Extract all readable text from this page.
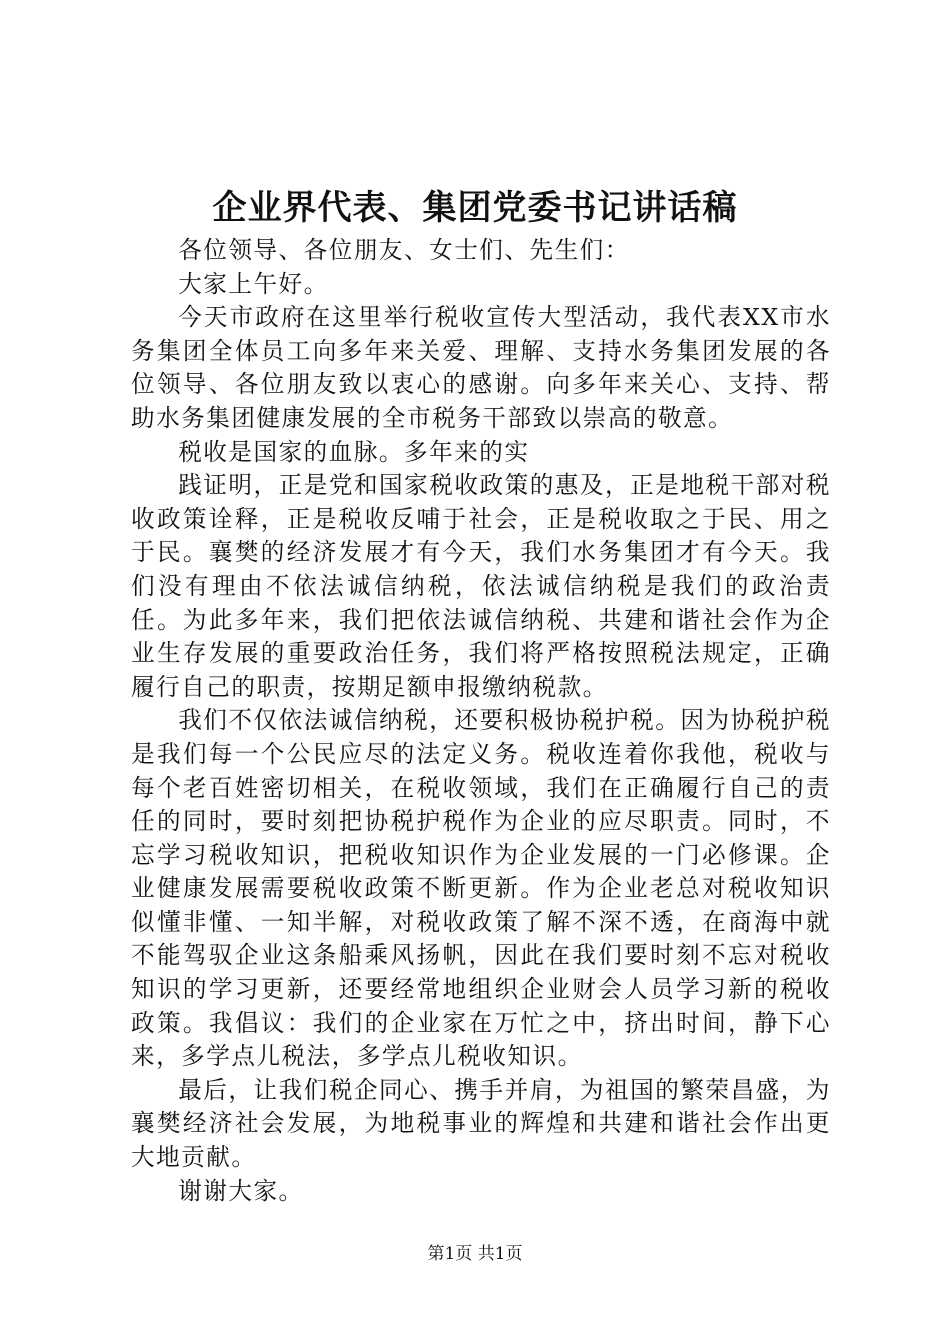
企业界代表、集团党委书记讲话稿

各位领导、各位朋友、女士们、先生们：

大家上午好。

今天市政府在这里举行税收宣传大型活动，我代表XX市水务集团全体员工向多年来关爱、理解、支持水务集团发展的各位领导、各位朋友致以衷心的感谢。向多年来关心、支持、帮助水务集团健康发展的全市税务干部致以崇高的敬意。

税收是国家的血脉。多年来的实

践证明，正是党和国家税收政策的惠及，正是地税干部对税收政策诠释，正是税收反哺于社会，正是税收取之于民、用之于民。襄樊的经济发展才有今天，我们水务集团才有今天。我们没有理由不依法诚信纳税，依法诚信纳税是我们的政治责任。为此多年来，我们把依法诚信纳税、共建和谐社会作为企业生存发展的重要政治任务，我们将严格按照税法规定，正确履行自己的职责，按期足额申报缴纳税款。

我们不仅依法诚信纳税，还要积极协税护税。因为协税护税是我们每一个公民应尽的法定义务。税收连着你我他，税收与每个老百姓密切相关，在税收领域，我们在正确履行自己的责任的同时，要时刻把协税护税作为企业的应尽职责。同时，不忘学习税收知识，把税收知识作为企业发展的一门必修课。企业健康发展需要税收政策不断更新。作为企业老总对税收知识似懂非懂、一知半解，对税收政策了解不深不透，在商海中就不能驾驭企业这条船乘风扬帆，因此在我们要时刻不忘对税收知识的学习更新，还要经常地组织企业财会人员学习新的税收政策。我倡议：我们的企业家在万忙之中，挤出时间，静下心来，多学点儿税法，多学点儿税收知识。

最后，让我们税企同心、携手并肩，为祖国的繁荣昌盛，为襄樊经济社会发展，为地税事业的辉煌和共建和谐社会作出更大地贡献。

谢谢大家。

第1页 共1页
